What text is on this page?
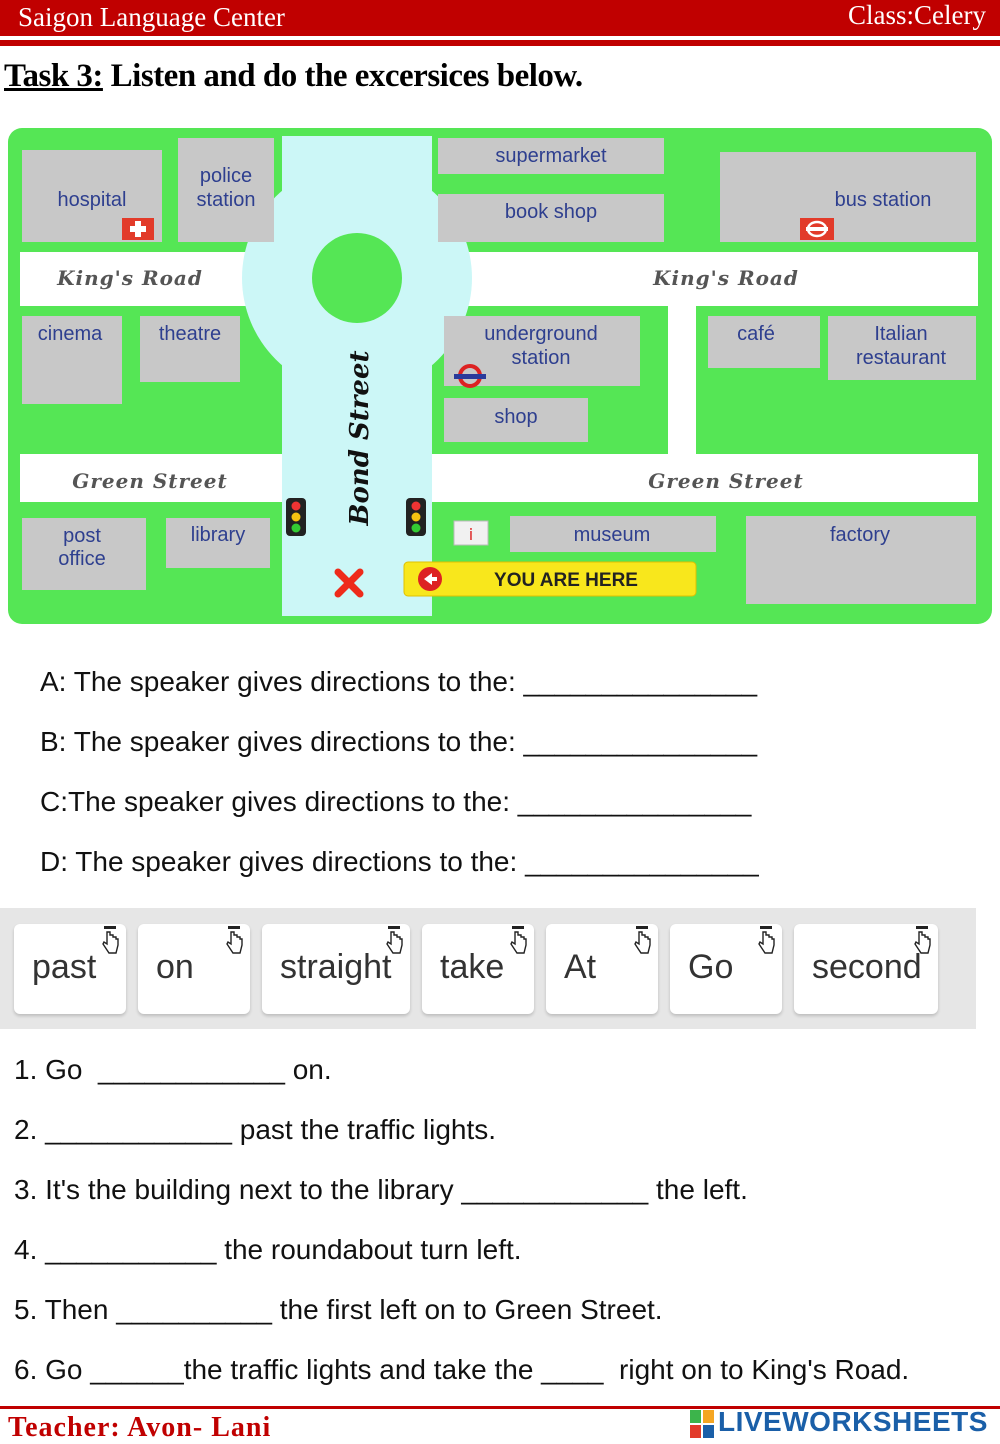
Saigon Language Center	Class:Celery
Task 3: Listen and do the excersices below.
hospital
police
station
supermarket
book shop
bus station
cinema	theatre	underground
station
shop
café	Italian
restaurant
post
office
library	museum	factory
King's Road	King's Road
Green Street	Green Street
Bond Street
i
YOU ARE HERE
A: The speaker gives directions to the: _______________
B: The speaker gives directions to the: _______________
C:The speaker gives directions to the: _______________
D: The speaker gives directions to the: _______________
past on	straight take At	Go second
1. Go  ____________ on.
2. ____________ past the traffic lights.
3. It's the building next to the library ____________ the left.
4. ___________ the roundabout turn left.
5. Then __________ the first left on to Green Street.
6. Go ______the traffic lights and take the ____  right on to King's Road.
Teacher: Avon- Lani	LIVEWORKSHEETS
